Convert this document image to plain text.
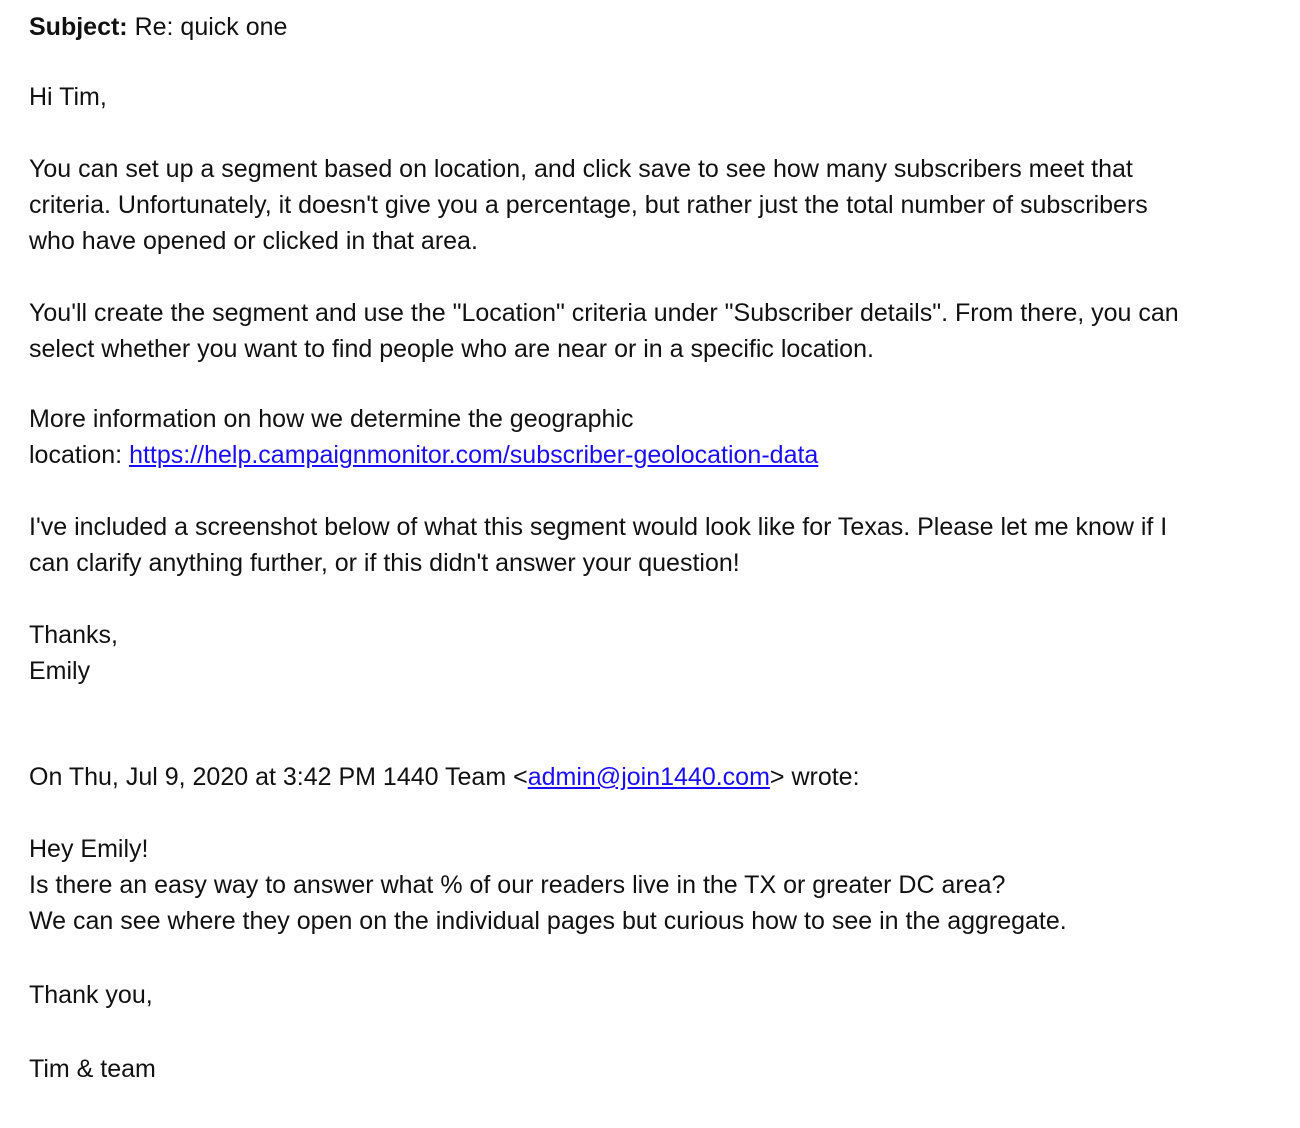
Subject: Re: quick one
Hi Tim,
You can set up a segment based on location, and click save to see how many subscribers meet that
criteria. Unfortunately, it doesn't give you a percentage, but rather just the total number of subscribers
who have opened or clicked in that area.
You'll create the segment and use the "Location" criteria under "Subscriber details". From there, you can
select whether you want to find people who are near or in a specific location.
More information on how we determine the geographic
location: https://help.campaignmonitor.com/subscriber-geolocation-data
I've included a screenshot below of what this segment would look like for Texas. Please let me know if I
can clarify anything further, or if this didn't answer your question!
Thanks,
Emily
On Thu, Jul 9, 2020 at 3:42 PM 1440 Team <admin@join1440.com> wrote:
Hey Emily!
Is there an easy way to answer what % of our readers live in the TX or greater DC area?
We can see where they open on the individual pages but curious how to see in the aggregate.
Thank you,
Tim & team
